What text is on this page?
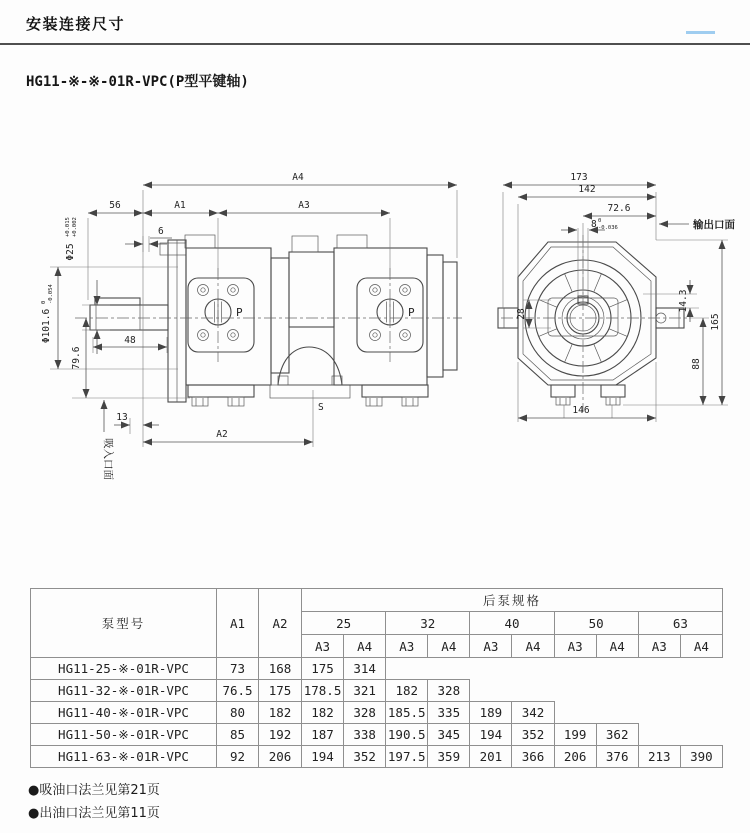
安装连接尺寸
HG11-※-※-01R-VPC(P型平键轴)
P	P
A4
56	A1	A3
6
Φ25
+0.015 +0.002
Φ101.6
0 -0.054
79.6
48
13
A2
S
吸入口面
173
142
72.6
8 0
-0.036	输出口面
28
14.3
88
165
146
泵型号	A1	A2	后泵规格									
			25		32		40		50		63	
			A3	A4	A3	A4	A3	A4	A3	A4	A3	A4
HG11-25-※-01R-VPC	73	168	175	314								
HG11-32-※-01R-VPC	76.5	175	178.5	321	182	328						
HG11-40-※-01R-VPC	80	182	182	328	185.5	335	189	342				
HG11-50-※-01R-VPC	85	192	187	338	190.5	345	194	352	199	362		
HG11-63-※-01R-VPC	92	206	194	352	197.5	359	201	366	206	376	213	390
●吸油口法兰见第21页
●出油口法兰见第11页
